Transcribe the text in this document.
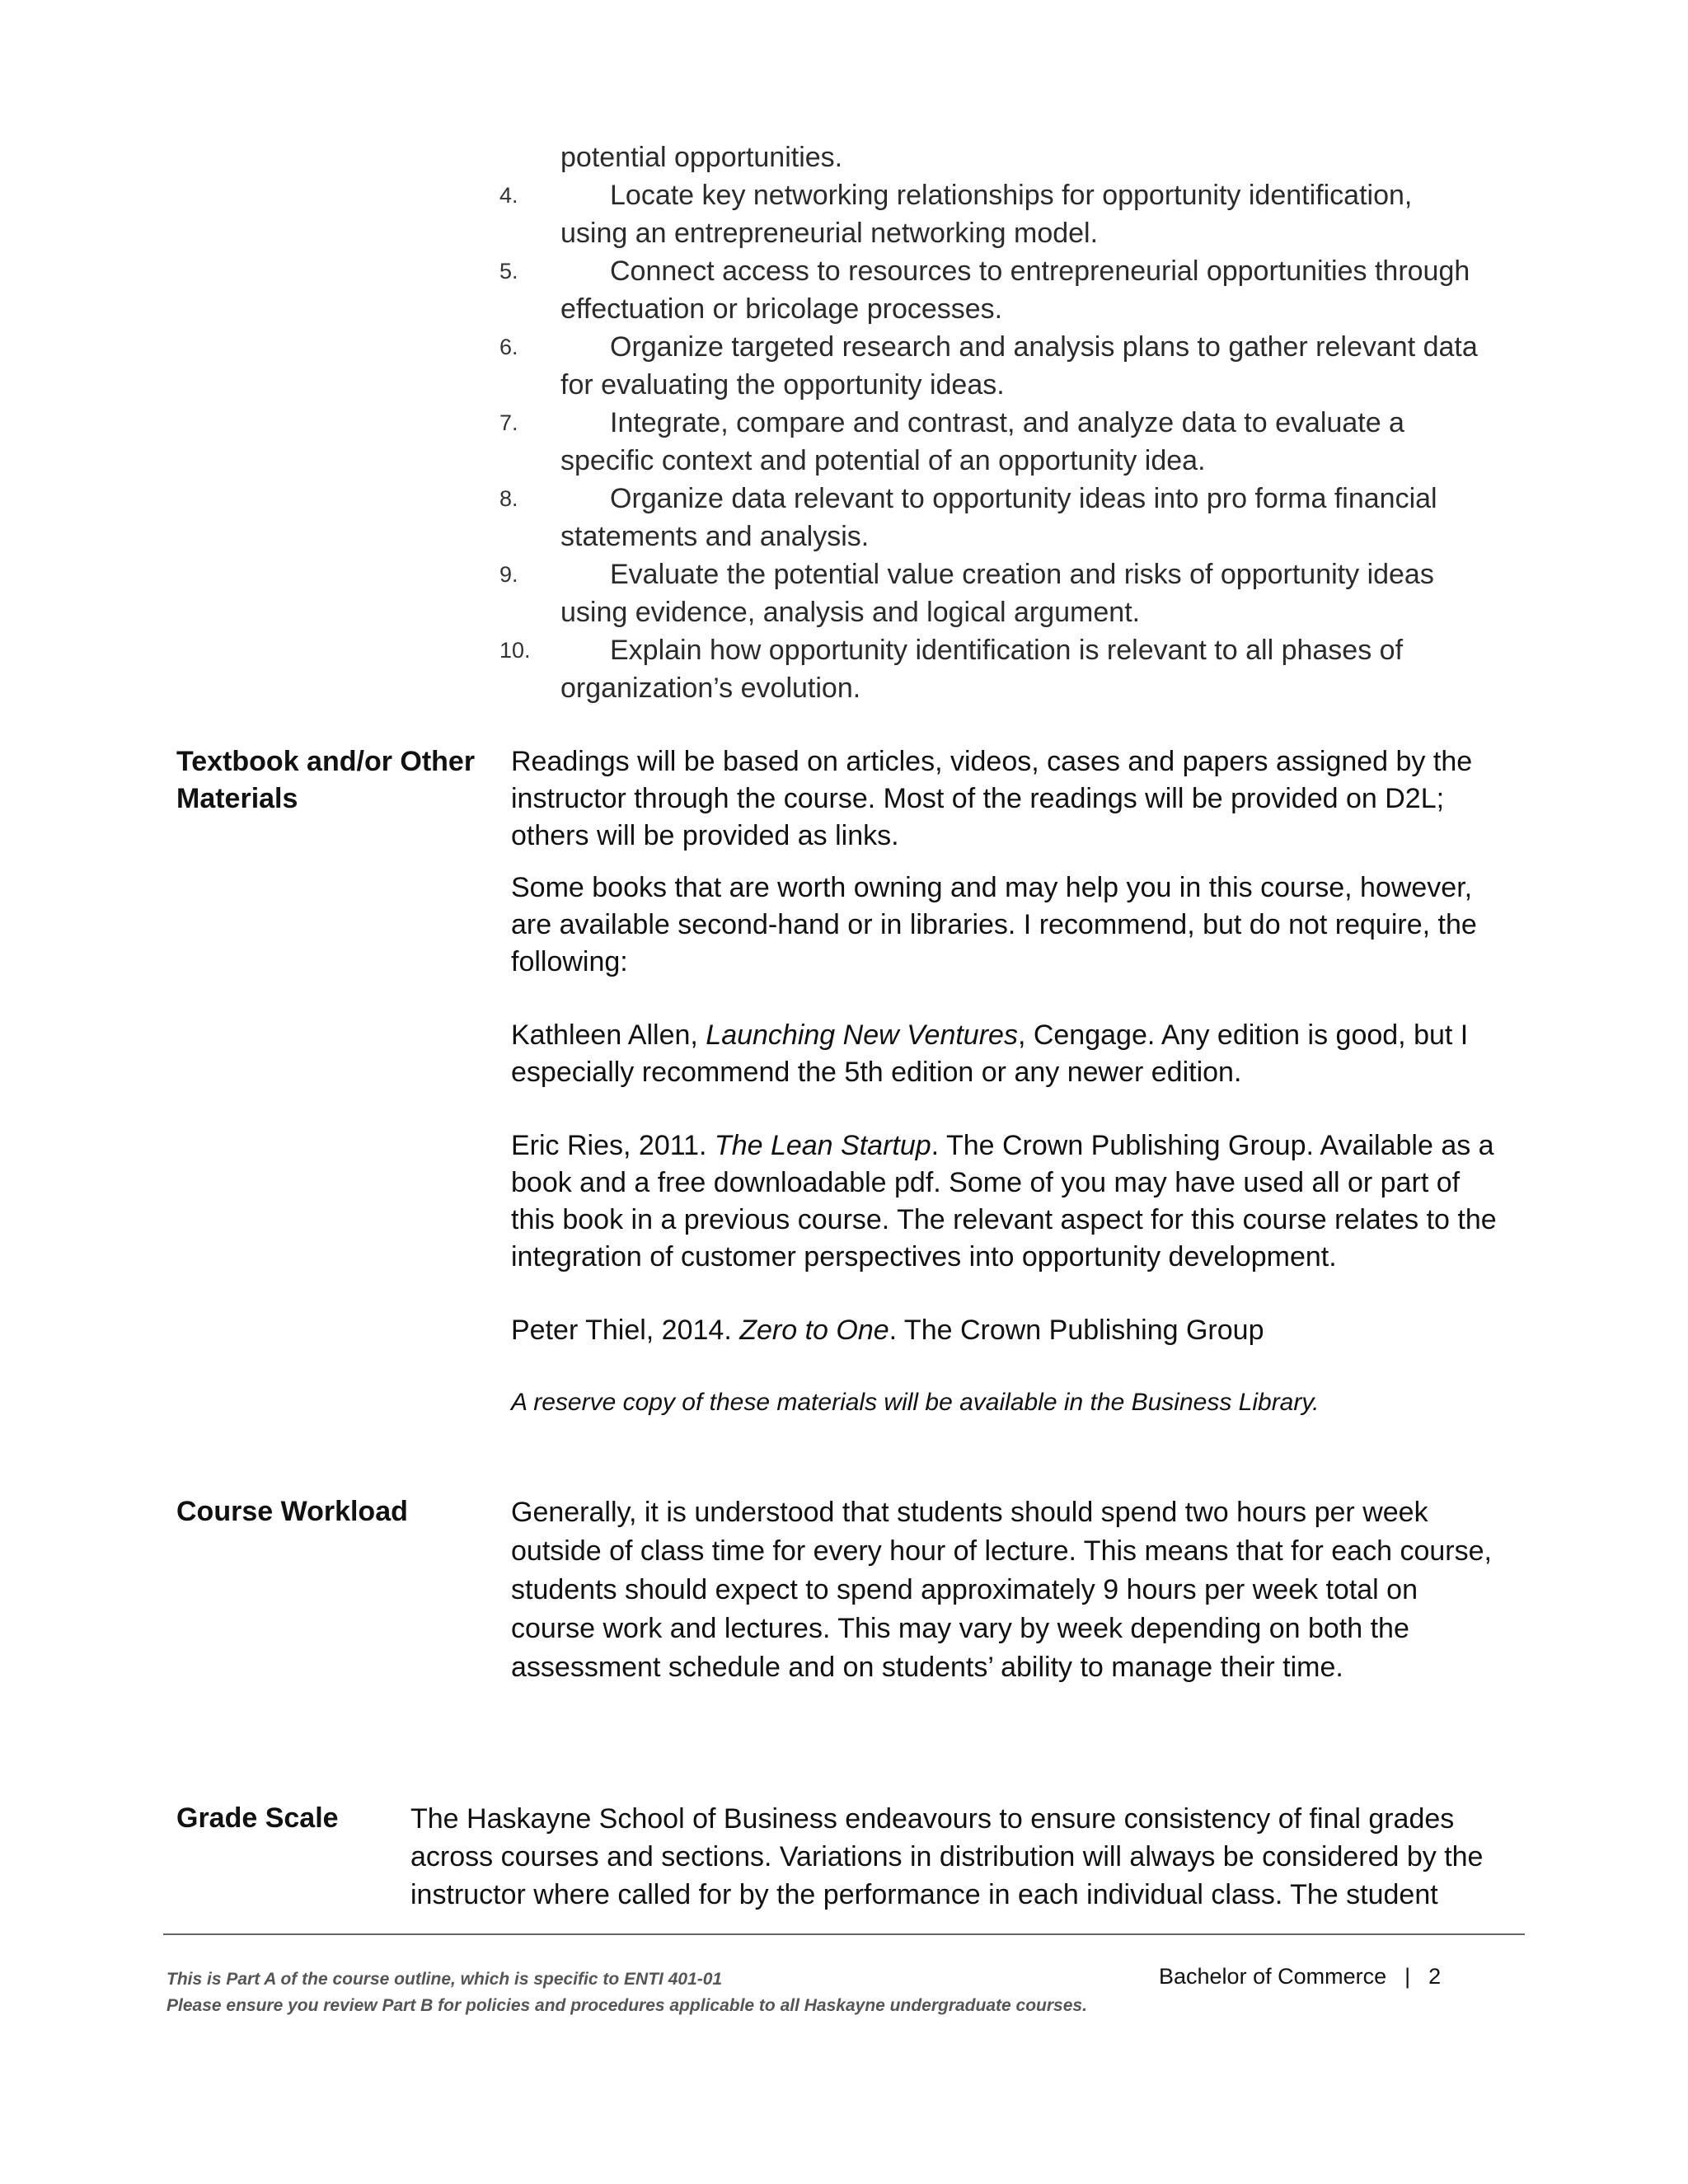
potential opportunities.
4.	Locate key networking relationships for opportunity identification,
using an entrepreneurial networking model.
5.	Connect access to resources to entrepreneurial opportunities through
effectuation or bricolage processes.
6.	Organize targeted research and analysis plans to gather relevant data
for evaluating the opportunity ideas.
7.	Integrate, compare and contrast, and analyze data to evaluate a
specific context and potential of an opportunity idea.
8.	Organize data relevant to opportunity ideas into pro forma financial
statements and analysis.
9.	Evaluate the potential value creation and risks of opportunity ideas
using evidence, analysis and logical argument.
10.	Explain how opportunity identification is relevant to all phases of
organization’s evolution.
Textbook and/or Other
Materials

Readings will be based on articles, videos, cases and papers assigned by the instructor through the course. Most of the readings will be provided on D2L; others will be provided as links.

Some books that are worth owning and may help you in this course, however, are available second-hand or in libraries. I recommend, but do not require, the following:

Kathleen Allen, Launching New Ventures, Cengage. Any edition is good, but I especially recommend the 5th edition or any newer edition.

Eric Ries, 2011. The Lean Startup. The Crown Publishing Group. Available as a book and a free downloadable pdf. Some of you may have used all or part of this book in a previous course. The relevant aspect for this course relates to the integration of customer perspectives into opportunity development.

Peter Thiel, 2014. Zero to One. The Crown Publishing Group

A reserve copy of these materials will be available in the Business Library.

Course Workload	Generally, it is understood that students should spend two hours per week outside of class time for every hour of lecture. This means that for each course, students should expect to spend approximately 9 hours per week total on course work and lectures. This may vary by week depending on both the assessment schedule and on students’ ability to manage their time.

Grade Scale	The Haskayne School of Business endeavours to ensure consistency of final grades across courses and sections. Variations in distribution will always be considered by the instructor where called for by the performance in each individual class. The student

This is Part A of the course outline, which is specific to ENTI 401-01
Please ensure you review Part B for policies and procedures applicable to all Haskayne undergraduate courses.
Bachelor of Commerce | 2
